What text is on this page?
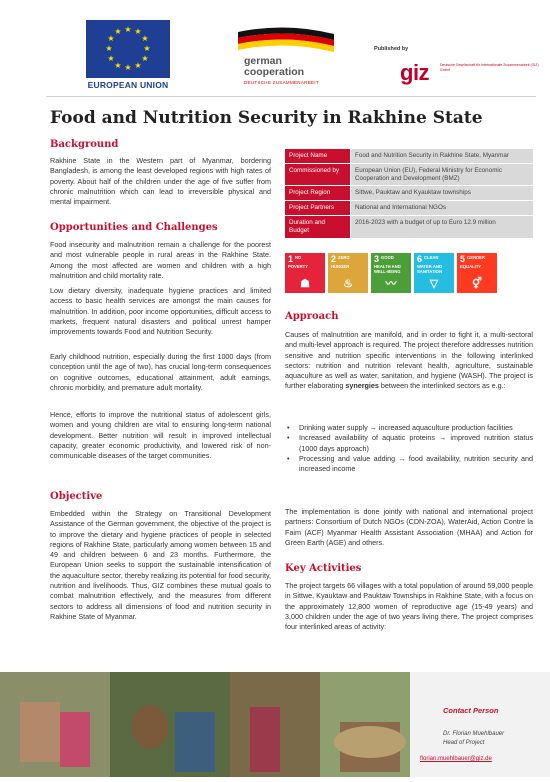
★ ★
★
★
★
★
★
★
★
★
★
★
EUROPEAN UNION
german
cooperation
DEUTSCHE ZUSAMMENARBEIT
Published by
giz	Deutsche Gesellschaft für Internationale Zusammenarbeit (GIZ) GmbH
Food and Nutrition Security in Rakhine State
Background
Rakhine State in the Western part of Myanmar, bordering Bangladesh, is among the least developed regions with high rates of poverty. About half of the children under the age of five suffer from chronic malnutrition which can lead to irreversible physical and mental impairment.
Opportunities and Challenges
Food insecurity and malnutrition remain a challenge for the poorest and most vulnerable people in rural areas in the Rakhine State. Among the most affected are women and children with a high malnutrition and child mortality rate.
Low dietary diversity, inadequate hygiene practices and limited access to basic health services are amongst the main causes for malnutrition. In addition, poor income opportunities, difficult access to markets, frequent natural disasters and political unrest hamper improvements towards Food and Nutrition Security.
Early childhood nutrition, especially during the first 1000 days (from conception until the age of two), has crucial long-term consequences on cognitive outcomes, educational attainment, adult earnings, chronic morbidity, and premature adult mortality.
Hence, efforts to improve the nutritional status of adolescent girls, women and young children are vital to ensuring long-term national development. Better nutrition will result in improved intellectual capacity, greater economic productivity, and lowered risk of non-communicable diseases of the target communities.
Objective
Embedded within the Strategy on Transitional Development Assistance of the German government, the objective of the project is to improve the dietary and hygiene practices of people in selected regions of Rakhine State, particularly among women between 15 and 49 and children between 6 and 23 months. Furthermore, the European Union seeks to support the sustainable intensification of the aquaculture sector, thereby realizing its potential for food security, nutrition and livelihoods. Thus, GIZ combines these mutual goals to combat malnutrition effectively, and the measures from different sectors to address all dimensions of food and nutrition security in Rakhine State of Myanmar.
Project Name	Food and Nutrition Security in Rakhine State, Myanmar
Commissioned by	European Union (EU), Federal Ministry for Economic Cooperation and Development (BMZ)
Project Region	Sittwe, Pauktaw and Kyauktaw townships
Project Partners	National and International NGOs
Duration and Budget	2016-2023 with a budget of up to Euro 12.9 million
1 NO POVERTY
☗
2 ZERO HUNGER
♨
3 GOOD HEALTH AND WELL-BEING
〰
6 CLEAN WATER AND SANITATION
▽
5 GENDER EQUALITY
⚥
Approach
Causes of malnutrition are manifold, and in order to fight it, a multi-sectoral and multi-level approach is required. The project therefore addresses nutrition sensitive and nutrition specific interventions in the following interlinked sectors: nutrition and nutrition relevant health, agriculture, sustainable aquaculture as well as water, sanitation, and hygiene (WASH). The project is further elaborating synergies between the interlinked sectors as e.g.:
• Drinking water supply → increased aquaculture production facilities
• Increased availability of aquatic proteins → improved nutrition status (1000 days approach)
• Processing and value adding → food availability, nutrition security and increased income
The implementation is done jointly with national and international project partners: Consortium of Dutch NGOs (CDN-ZOA), WaterAid, Action Contre la Faim (ACF) Myanmar Health Assistant Association (MHAA) and Action for Green Earth (AGE) and others.
Key Activities
The project targets 66 villages with a total population of around 59,000 people in Sittwe, Kyauktaw and Pauktaw Townships in Rakhine State, with a focus on the approximately 12,800 women of reproductive age (15-49 years) and 3,000 children under the age of two years living there. The project comprises four interlinked areas of activity:
Contact Person
Dr. Florian Muehlbauer
Head of Project
florian.muehlbauer@giz.de
